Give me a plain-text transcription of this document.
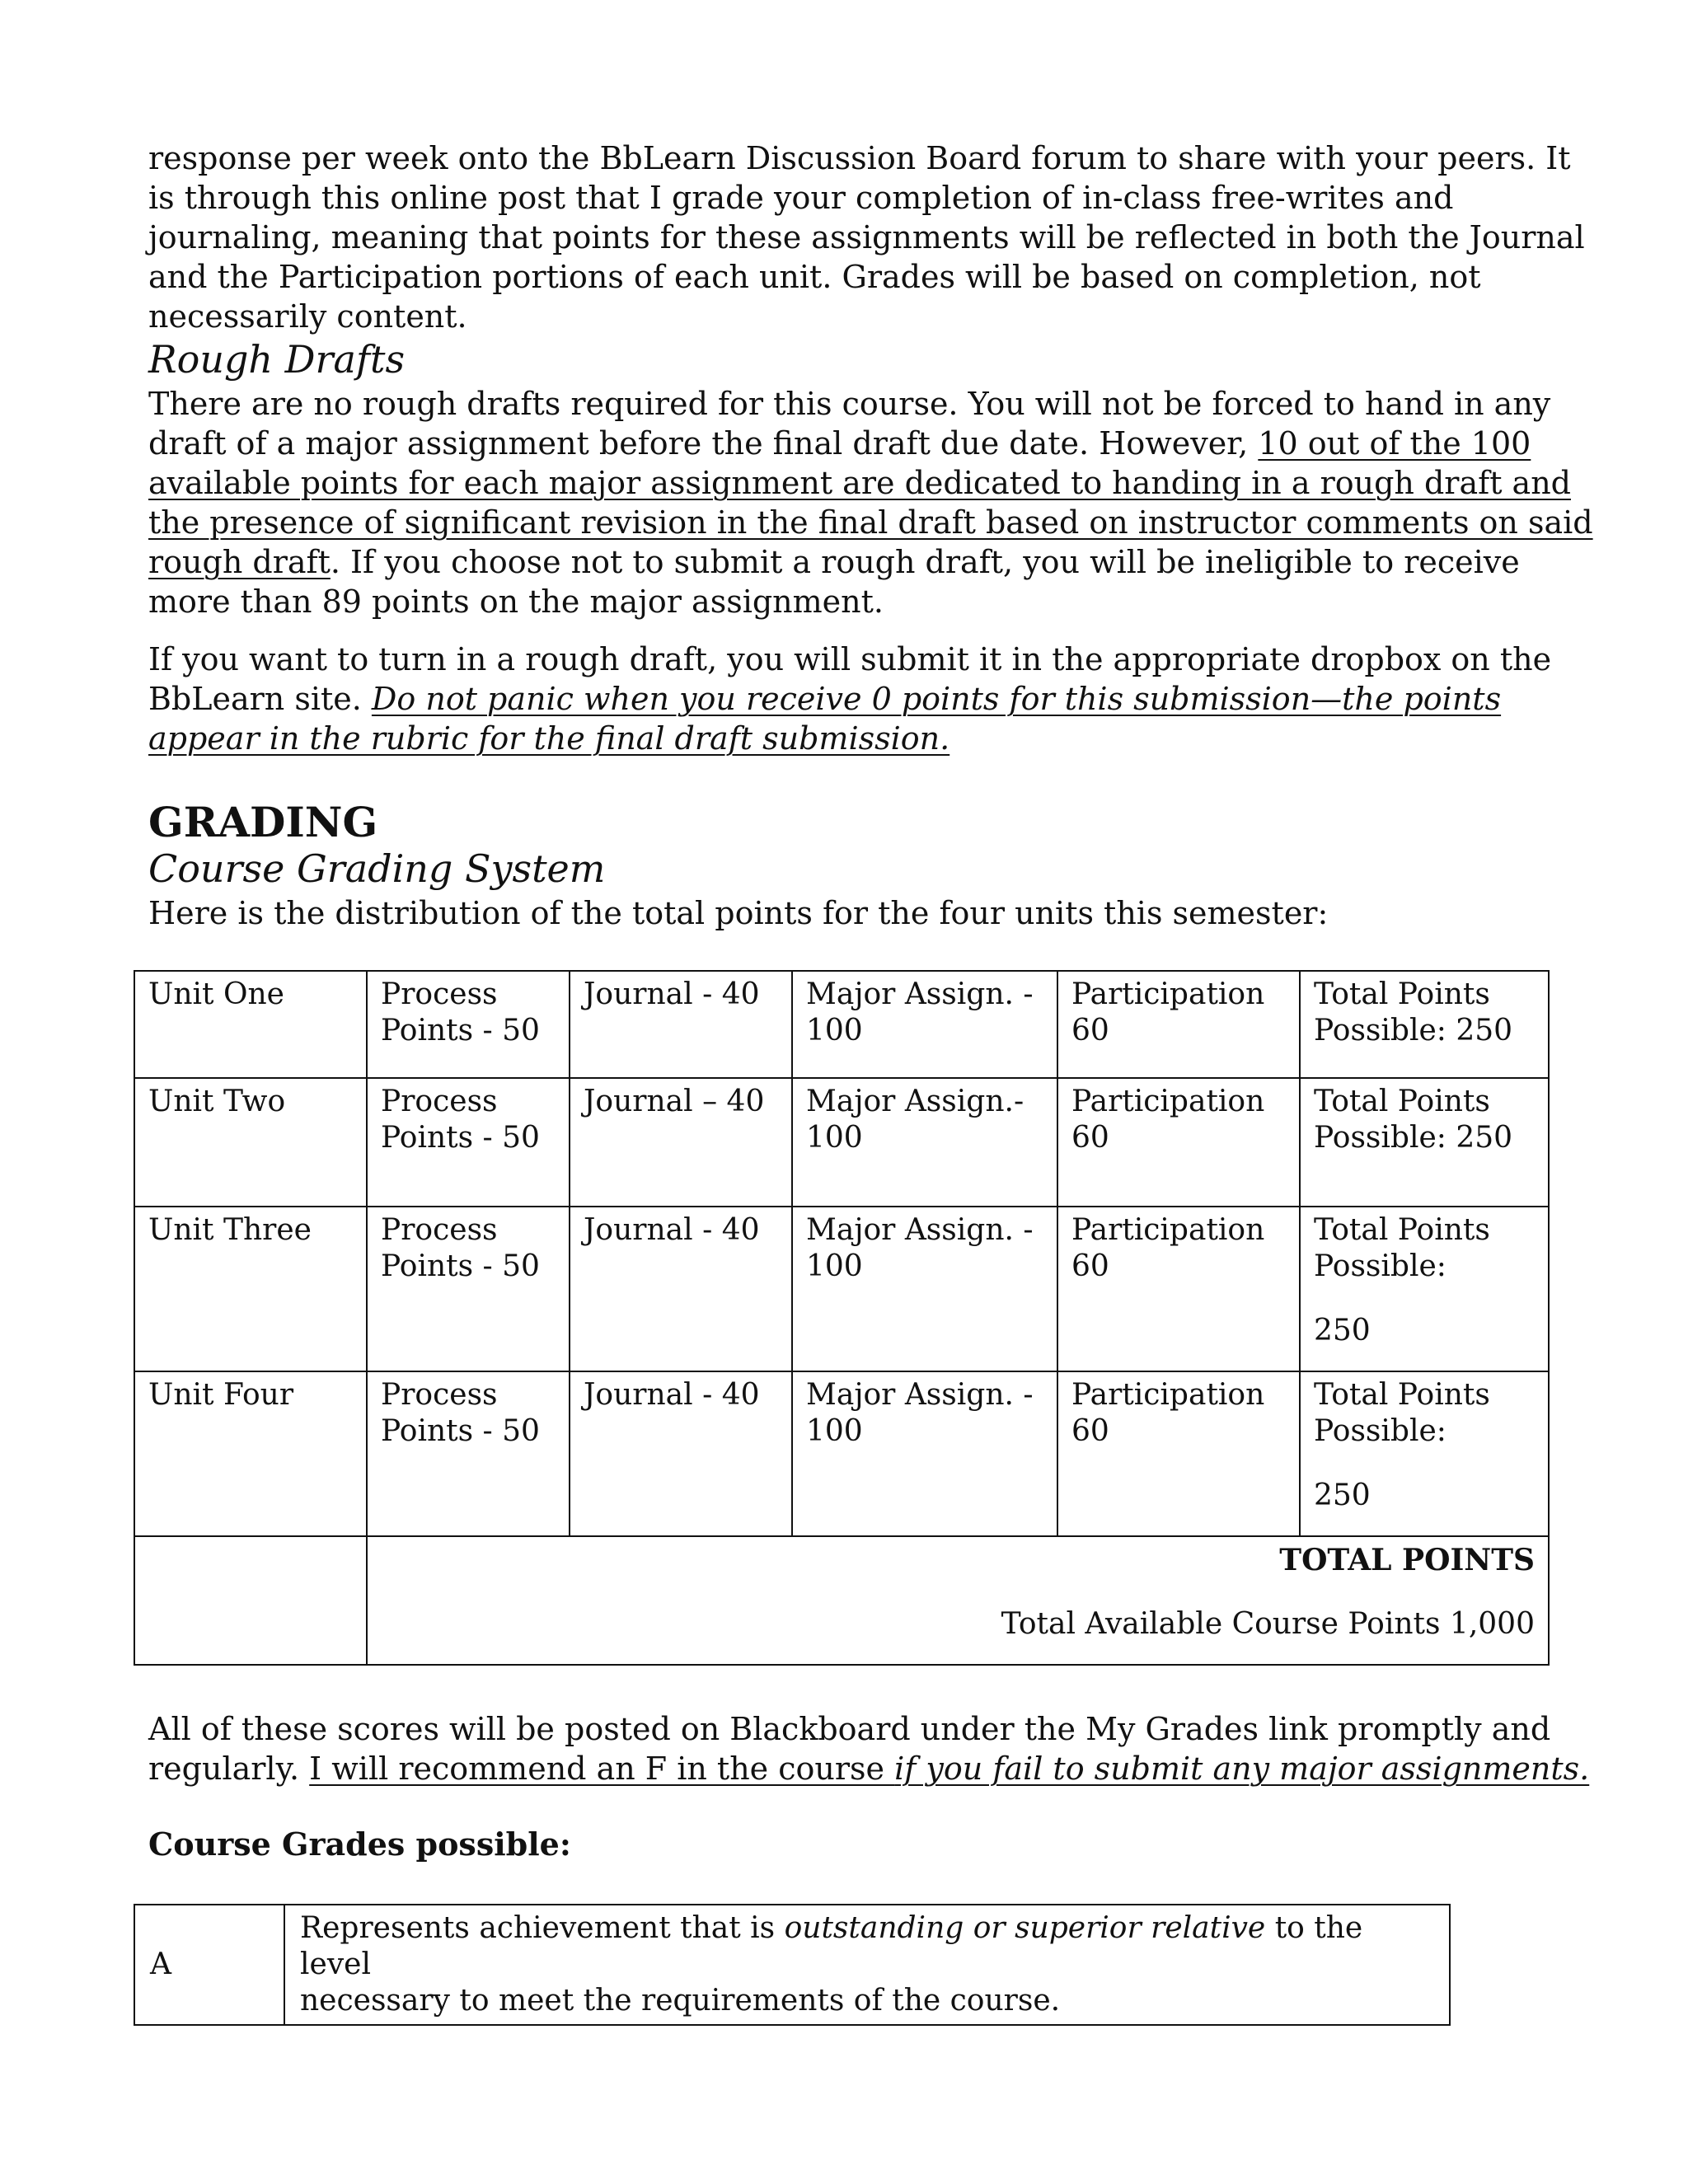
response per week onto the BbLearn Discussion Board forum to share with your peers. It
is through this online post that I grade your completion of in-class free-writes and
journaling, meaning that points for these assignments will be reflected in both the Journal
and the Participation portions of each unit. Grades will be based on completion, not
necessarily content.

Rough Drafts

There are no rough drafts required for this course. You will not be forced to hand in any
draft of a major assignment before the final draft due date. However, 10 out of the 100
available points for each major assignment are dedicated to handing in a rough draft and
the presence of significant revision in the final draft based on instructor comments on said
rough draft. If you choose not to submit a rough draft, you will be ineligible to receive
more than 89 points on the major assignment.

If you want to turn in a rough draft, you will submit it in the appropriate dropbox on the
BbLearn site. Do not panic when you receive 0 points for this submission—the points
appear in the rubric for the final draft submission.

GRADING
Course Grading System

Here is the distribution of the total points for the four units this semester:

Unit One	Process
Points - 50	Journal - 40	Major Assign. -
100	Participation
60	Total Points
Possible: 250

Unit Two	Process
Points - 50	Journal – 40	Major Assign.-
100	Participation
60	Total Points
Possible: 250

Unit Three	Process
Points - 50	Journal - 40	Major Assign. -
100	Participation
60	Total Points
Possible:
250

Unit Four	Process
Points - 50	Journal - 40	Major Assign. -
100	Participation
60	Total Points
Possible:
250

	TOTAL POINTS
Total Available Course Points 1,000				

All of these scores will be posted on Blackboard under the My Grades link promptly and
regularly. I will recommend an F in the course if you fail to submit any major assignments.

Course Grades possible:
A	
Represents achievement that is outstanding or superior relative to the level
necessary to meet the requirements of the course.
